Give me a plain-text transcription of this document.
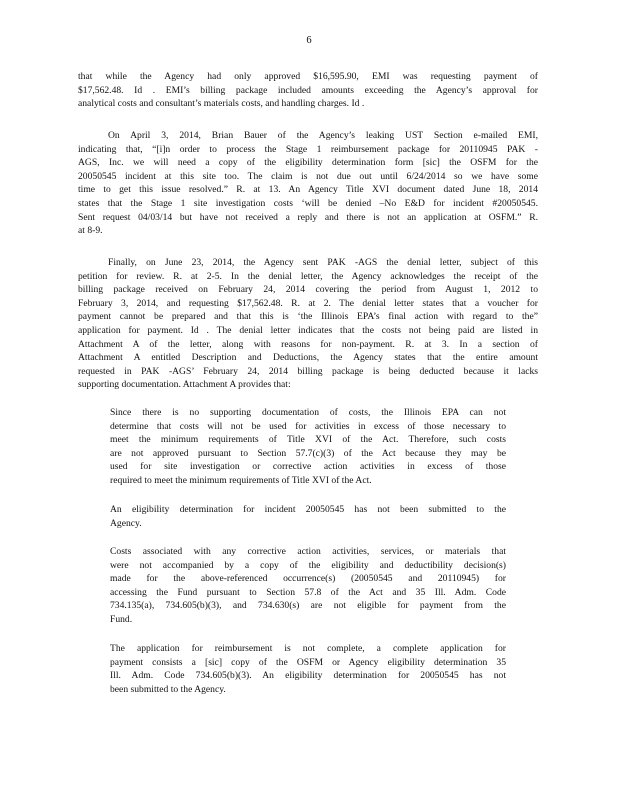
6
that while the Agency had only approved $16,595.90, EMI was requesting payment of
$17,562.48. Id . EMI’s billing package included amounts exceeding the Agency’s approval for
analytical costs and consultant’s materials costs, and handling charges. Id .
On April 3, 2014, Brian Bauer of the Agency’s leaking UST Section e-mailed EMI,
indicating that, “[i]n order to process the Stage 1 reimbursement package for 20110945 PAK -
AGS, Inc. we will need a copy of the eligibility determination form [sic] the OSFM for the
20050545 incident at this site too. The claim is not due out until 6/24/2014 so we have some
time to get this issue resolved.” R. at 13. An Agency Title XVI document dated June 18, 2014
states that the Stage 1 site investigation costs ‘will be denied –No E&D for incident #20050545.
Sent request 04/03/14 but have not received a reply and there is not an application at OSFM.” R.
at 8-9.
Finally, on June 23, 2014, the Agency sent PAK -AGS the denial letter, subject of this
petition for review. R. at 2-5. In the denial letter, the Agency acknowledges the receipt of the
billing package received on February 24, 2014 covering the period from August 1, 2012 to
February 3, 2014, and requesting $17,562.48. R. at 2. The denial letter states that a voucher for
payment cannot be prepared and that this is ‘the Illinois EPA’s final action with regard to the”
application for payment. Id . The denial letter indicates that the costs not being paid are listed in
Attachment A of the letter, along with reasons for non-payment. R. at 3. In a section of
Attachment A entitled Description and Deductions, the Agency states that the entire amount
requested in PAK -AGS’ February 24, 2014 billing package is being deducted because it lacks
supporting documentation. Attachment A provides that:
Since there is no supporting documentation of costs, the Illinois EPA can not
determine that costs will not be used for activities in excess of those necessary to
meet the minimum requirements of Title XVI of the Act. Therefore, such costs
are not approved pursuant to Section 57.7(c)(3) of the Act because they may be
used for site investigation or corrective action activities in excess of those
required to meet the minimum requirements of Title XVI of the Act.
An eligibility determination for incident 20050545 has not been submitted to the
Agency.
Costs associated with any corrective action activities, services, or materials that
were not accompanied by a copy of the eligibility and deductibility decision(s)
made for the above-referenced occurrence(s) (20050545 and 20110945) for
accessing the Fund pursuant to Section 57.8 of the Act and 35 Ill. Adm. Code
734.135(a), 734.605(b)(3), and 734.630(s) are not eligible for payment from the
Fund.
The application for reimbursement is not complete, a complete application for
payment consists a [sic] copy of the OSFM or Agency eligibility determination 35
Ill. Adm. Code 734.605(b)(3). An eligibility determination for 20050545 has not
been submitted to the Agency.
